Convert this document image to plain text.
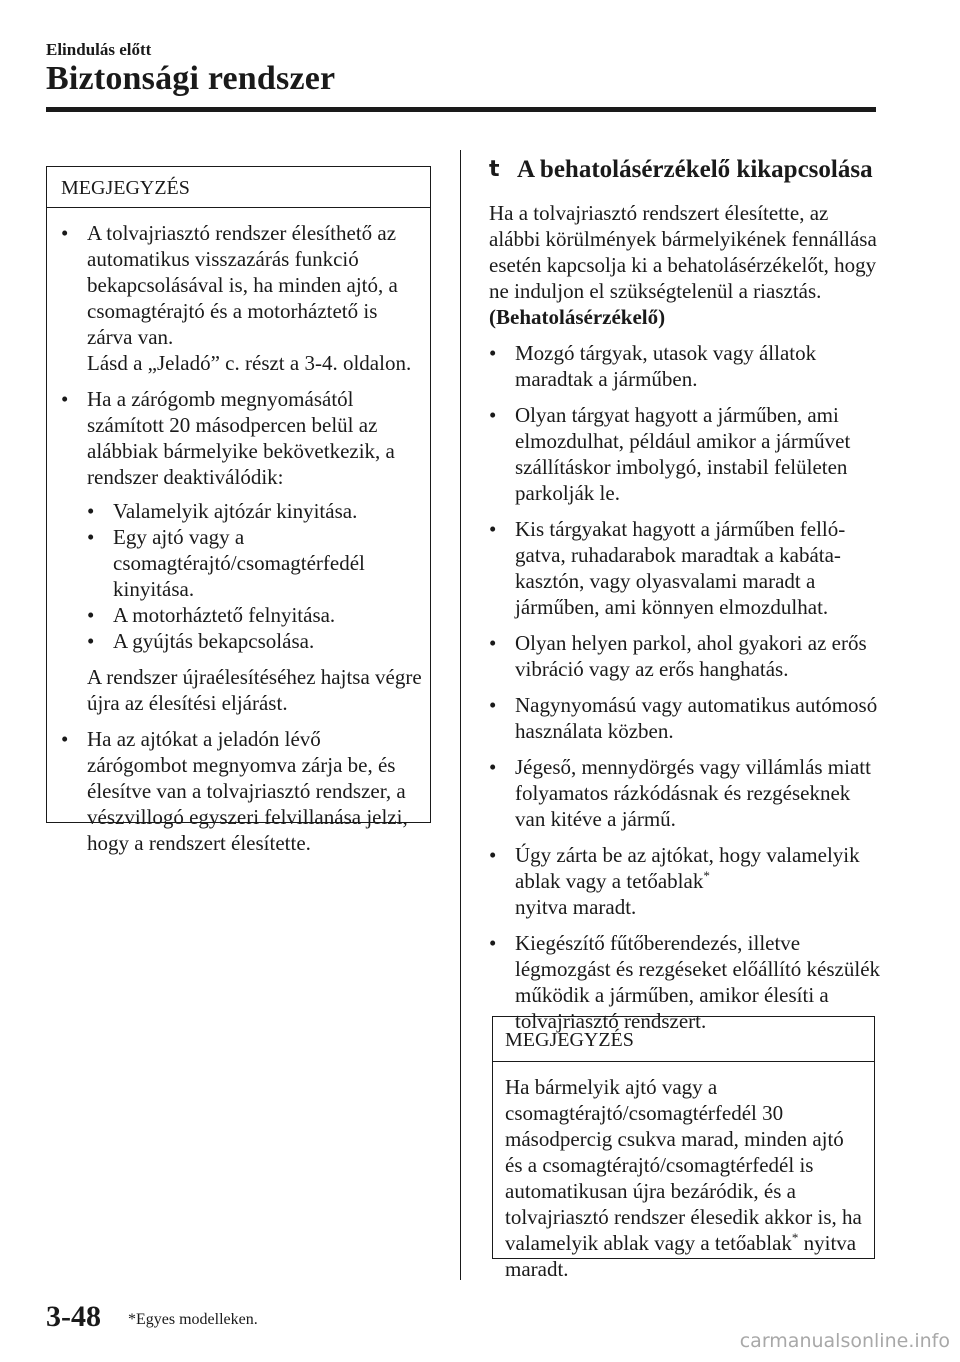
Elindulás előtt
Biztonsági rendszer
MEGJEGYZÉS
• A tolvajriasztó rendszer élesíthető az automatikus visszazárás funkció bekapcsolásával is, ha minden ajtó, a csomagtérajtó és a motorháztető is zárva van.
Lásd a „Jeladó” c. részt a 3-4. oldalon.
• Ha a zárógomb megnyomásától számított 20 másodpercen belül az alábbiak bármelyike bekövetkezik, a rendszer deaktiválódik:
• Valamelyik ajtózár kinyitása.
• Egy ajtó vagy a csomagtérajtó/csomagtérfedél kinyitása.
• A motorháztető felnyitása.
• A gyújtás bekapcsolása.
A rendszer újraélesítéséhez hajtsa végre újra az élesítési eljárást.
• Ha az ajtókat a jeladón lévő zárógombot megnyomva zárja be, és élesítve van a tolvajriasztó rendszer, a vészvillogó egyszeri felvillanása jelzi, hogy a rendszert élesítette.
t A behatolásérzékelő kikapcsolása
Ha a tolvajriasztó rendszert élesítette, az alábbi körülmények bármelyikének fennállása esetén kapcsolja ki a behatolásérzékelőt, hogy ne induljon el szükségtelenül a riasztás.
(Behatolásérzékelő)
• Mozgó tárgyak, utasok vagy állatok maradtak a járműben.
• Olyan tárgyat hagyott a járműben, ami elmozdulhat, például amikor a járművet szállításkor imbolygó, instabil felületen parkolják le.
• Kis tárgyakat hagyott a járműben felló-gatva, ruhadarabok maradtak a kabáta-kasztón, vagy olyasvalami maradt a járműben, ami könnyen elmozdulhat.
• Olyan helyen parkol, ahol gyakori az erős vibráció vagy az erős hanghatás.
• Nagynyomású vagy automatikus autómosó használata közben.
• Jégeső, mennydörgés vagy villámlás miatt folyamatos rázkódásnak és rezgéseknek van kitéve a jármű.
• Úgy zárta be az ajtókat, hogy valamelyik ablak vagy a tetőablak*
nyitva maradt.
• Kiegészítő fűtőberendezés, illetve légmozgást és rezgéseket előállító készülék működik a járműben, amikor élesíti a tolvajriasztó rendszert.
MEGJEGYZÉS
Ha bármelyik ajtó vagy a csomagtérajtó/csomagtérfedél 30 másodpercig csukva marad, minden ajtó és a csomagtérajtó/csomagtérfedél is automatikusan újra bezáródik, és a tolvajriasztó rendszer élesedik akkor is, ha valamelyik ablak vagy a tetőablak* nyitva maradt.
3-48 *Egyes modelleken.
carmanualsonline.info
